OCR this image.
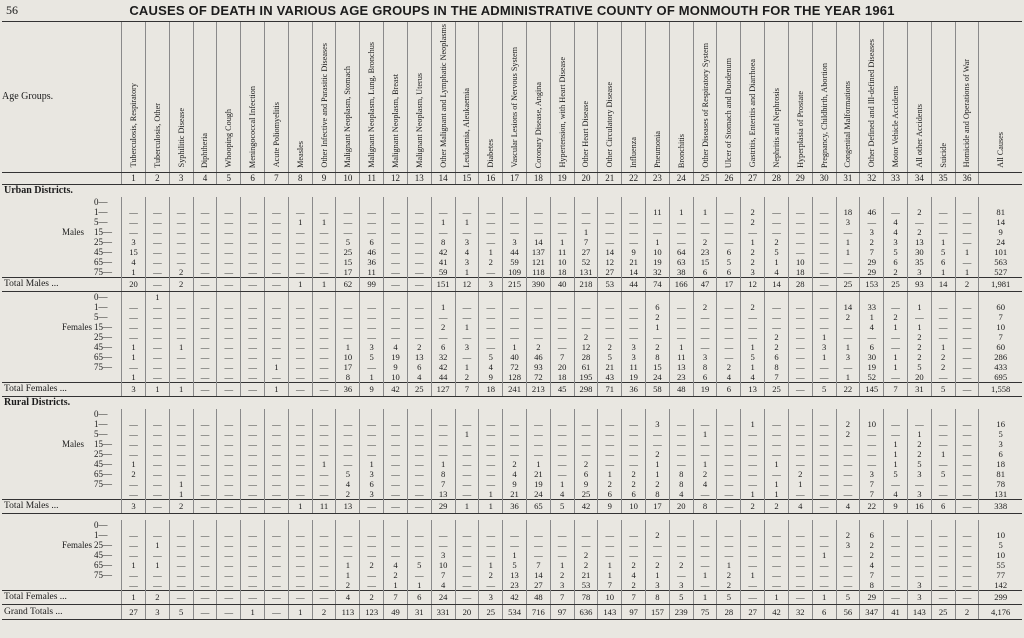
56	CAUSES OF DEATH IN VARIOUS AGE GROUPS IN THE ADMINISTRATIVE COUNTY OF MONMOUTH FOR THE YEAR 1961
Age Groups.	Tuberculosis, Respiratory	Tuberculosis, Other	Syphilitic Disease	Diphtheria	Whooping Cough	Meningococcal Infection	Acute Poliomyelitis	Measles	Other Infective and Parasitic Diseases	Malignant Neoplasm, Stomach	Malignant Neoplasm, Lung, Bronchus	Malignant Neoplasm, Breast	Malignant Neoplasm, Uterus	Other Malignant and Lymphatic Neoplasms	Leukaemia, Aleukaemia	Diabetes	Vascular Lesions of Nervous System	Coronary Disease, Angina	Hypertension, with Heart Disease	Other Heart Disease	Other Circulatory Disease	Influenza	Pneumonia	Bronchitis	Other Diseases of Respiratory System	Ulcer of Stomach and Duodenum	Gastritis, Enteritis and Diarrhoea	Nephritis and Nephrosis	Hyperplasia of Prostate	Pregnancy, Childbirth, Abortion	Congenital Malformations	Other Defined and Ill-defined Diseases	Motor Vehicle Accidents	All other Accidents	Suicide	Homicide and Operations of War	All Causes
	1	2	3	4	5	6	7	8	9	10	11	12	13	14	15	16	17	18	19	20	21	22	23	24	25	26	27	28	29	30	31	32	33	34	35	36	
Urban Districts.																																					
0—																																					
1—	—	—	—	—	—	—	—	—	—	—	—	—	—	—	—	—	—	—	—	—	—	—	11	1	1	—	2	—	—	—	18	46	—	2	—	—	81
5—	—	—	—	—	—	—	—	1	1	—	—	—	—	1	1	—	—	—	—	—	—	—	—	—	—	—	2	—	—	—	3	—	4	—	—	—	14

Males 15—	—	—	—	—	—	—	—	—	—	—	—	—	—	—	—	—	—	—	—	1	—	—	—	—	—	—	—	—	—	—	—	3	4	2	—	—	9
25—	3	—	—	—	—	—	—	—	—	5	6	—	—	8	3	—	3	14	1	7	—	—	1	—	2	—	1	2	—	—	1	2	3	13	1	—	24
45—	15	—	—	—	—	—	—	—	—	25	46	—	—	42	4	1	44	137	11	27	14	9	10	64	23	6	2	5	—	—	1	7	5	30	5	1	101
65—	4	—	—	—	—	—	—	—	—	15	36	—	—	41	3	2	59	121	10	52	12	21	19	63	15	5	2	1	10	—	—	29	6	35	6	—	563
75—	1	—	2	—	—	—	—	—	—	17	11	—	—	59	1	—	109	118	18	131	27	14	32	38	6	6	3	4	18	—	—	29	2	3	1	1	527
Total Males ...	20	—	2	—	—	—	—	1	1	62	99	—	—	151	12	3	215	390	40	218	53	44	74	166	47	17	12	14	28	—	25	153	25	93	14	2	1,981
0—		1																																			
1—	—	—	—	—	—	—	—	—	—	—	—	—	—	1	—	—	—	—	—	—	—	—	6	—	2	—	2	—	—	—	14	33	—	1	—	—	60
5—	—	—	—	—	—	—	—	—	—	—	—	—	—	—	—	—	—	—	—	—	—	—	2	—	—	—	—	—	—	—	2	1	2	—	—	—	7

Females 15—	—	—	—	—	—	—	—	—	—	—	—	—	—	2	1	—	—	—	—	—	—	—	1	—	—	—	—	—	—	—	—	4	1	1	—	—	10
25—	—	—	—	—	—	—	—	—	—	—	—	—	—	—	—	—	—	—	—	2	—	—	—	—	—	—	—	2	—	1	—	—	—	2	—	—	7
45—	1	—	1	—	—	—	—	—	—	1	3	4	2	6	3	—	1	2	—	12	2	3	2	1	—	—	1	2	—	3	1	6	—	2	1	—	60
65—	1	—	—	—	—	—	—	—	—	10	5	19	13	32	—	5	40	46	7	28	5	3	8	11	3	—	5	6	—	1	3	30	1	2	2	—	286
75—	—	—	—	—	—	—	1	—	—	17	—	9	6	42	1	4	72	93	20	61	21	11	15	13	8	2	1	8	—	—	—	19	1	5	2	—	433
	1	—	—	—	—	—	—	—	—	8	1	10	4	44	2	9	128	72	18	195	43	19	24	23	6	4	4	7	—	—	1	52	—	20	—	—	695
Total Females ...	3	1	1	—	—	—	1	—	—	36	9	42	25	127	7	18	241	213	45	298	71	36	58	48	19	6	13	25	—	5	22	145	7	31	5	—	1,558
Rural Districts.																																					
0—																																					
1—	—	—	—	—	—	—	—	—	—	—	—	—	—	—	—	—	—	—	—	—	—	—	3	—	—	—	1	—	—	—	2	10	—	—	—	—	16
5—	—	—	—	—	—	—	—	—	—	—	—	—	—	—	1	—	—	—	—	—	—	—	—	—	1	—	—	—	—	—	2	—	—	1	—	—	5

Males 15—	—	—	—	—	—	—	—	—	—	—	—	—	—	—	—	—	—	—	—	—	—	—	—	—	—	—	—	—	—	—	—	—	1	2	—	—	3
25—	—	—	—	—	—	—	—	—	—	—	—	—	—	—	—	—	—	—	—	—	—	—	2	—	—	—	—	—	—	—	—	—	1	2	1	—	6
45—	1	—	—	—	—	—	—	—	1	—	1	—	—	1	—	—	2	1	—	2	—	—	1	—	1	—	—	1	—	—	—	—	1	5	—	—	18
65—	2	—	—	—	—	—	—	—	—	5	3	—	—	8	—	—	4	21	—	6	1	2	1	8	2	—	—	—	2	—	—	3	5	3	5	—	81
75—	—	—	1	—	—	—	—	—	—	4	6	—	—	7	—	—	9	19	1	9	2	2	2	8	4	—	—	1	1	—	—	7	—	—	—	—	78
	—	—	1	—	—	—	—	—	—	2	3	—	—	13	—	1	21	24	4	25	6	6	8	4	—	—	1	1	—	—	—	7	4	3	—	—	131
Total Males ...	3	—	2	—	—	—	—	1	11	13	—	—	—	29	1	1	36	65	5	42	9	10	17	20	8	—	2	2	4	—	4	22	9	16	6	—	338

0—																																					
1—	—	—	—	—	—	—	—	—	—	—	—	—	—	—	—	—	—	—	—	—	—	—	2	—	—	—	—	—	—	—	2	6	—	—	—	—	10

Females 25—	—	1	—	—	—	—	—	—	—	—	—	—	—	—	—	—	—	—	—	—	—	—	—	—	—	—	—	—	—	—	3	2	—	—	—	—	5
45—	—	—	—	—	—	—	—	—	—	—	—	—	—	3	—	—	1	—	—	2	—	—	—	—	—	—	—	—	—	1	—	2	—	—	—	—	10
65—	1	1	—	—	—	—	—	—	—	1	2	4	5	10	—	1	5	7	1	2	1	2	2	2	—	1	—	—	—	—	—	4	—	—	—	—	55
75—	—	—	—	—	—	—	—	—	—	1	—	2	—	7	—	2	13	14	2	21	1	4	1	—	1	2	1	—	—	—	—	7	—	—	—	—	77
	—	—	—	—	—	—	—	—	—	2	—	1	1	4	—	—	23	27	3	53	7	2	3	3	—	2	—	—	—	—	—	8	—	3	—	—	142
Total Females ...	1	2	—	—	—	—	—	—	—	4	2	7	6	24	—	3	42	48	7	78	10	7	8	5	1	5	—	1	—	1	5	29	—	3	—	—	299
Grand Totals ...	27	3	5	—	—	1	—	1	2	113	123	49	31	331	20	25	534	716	97	636	143	97	157	239	75	28	27	42	32	6	56	347	41	143	25	2	4,176
